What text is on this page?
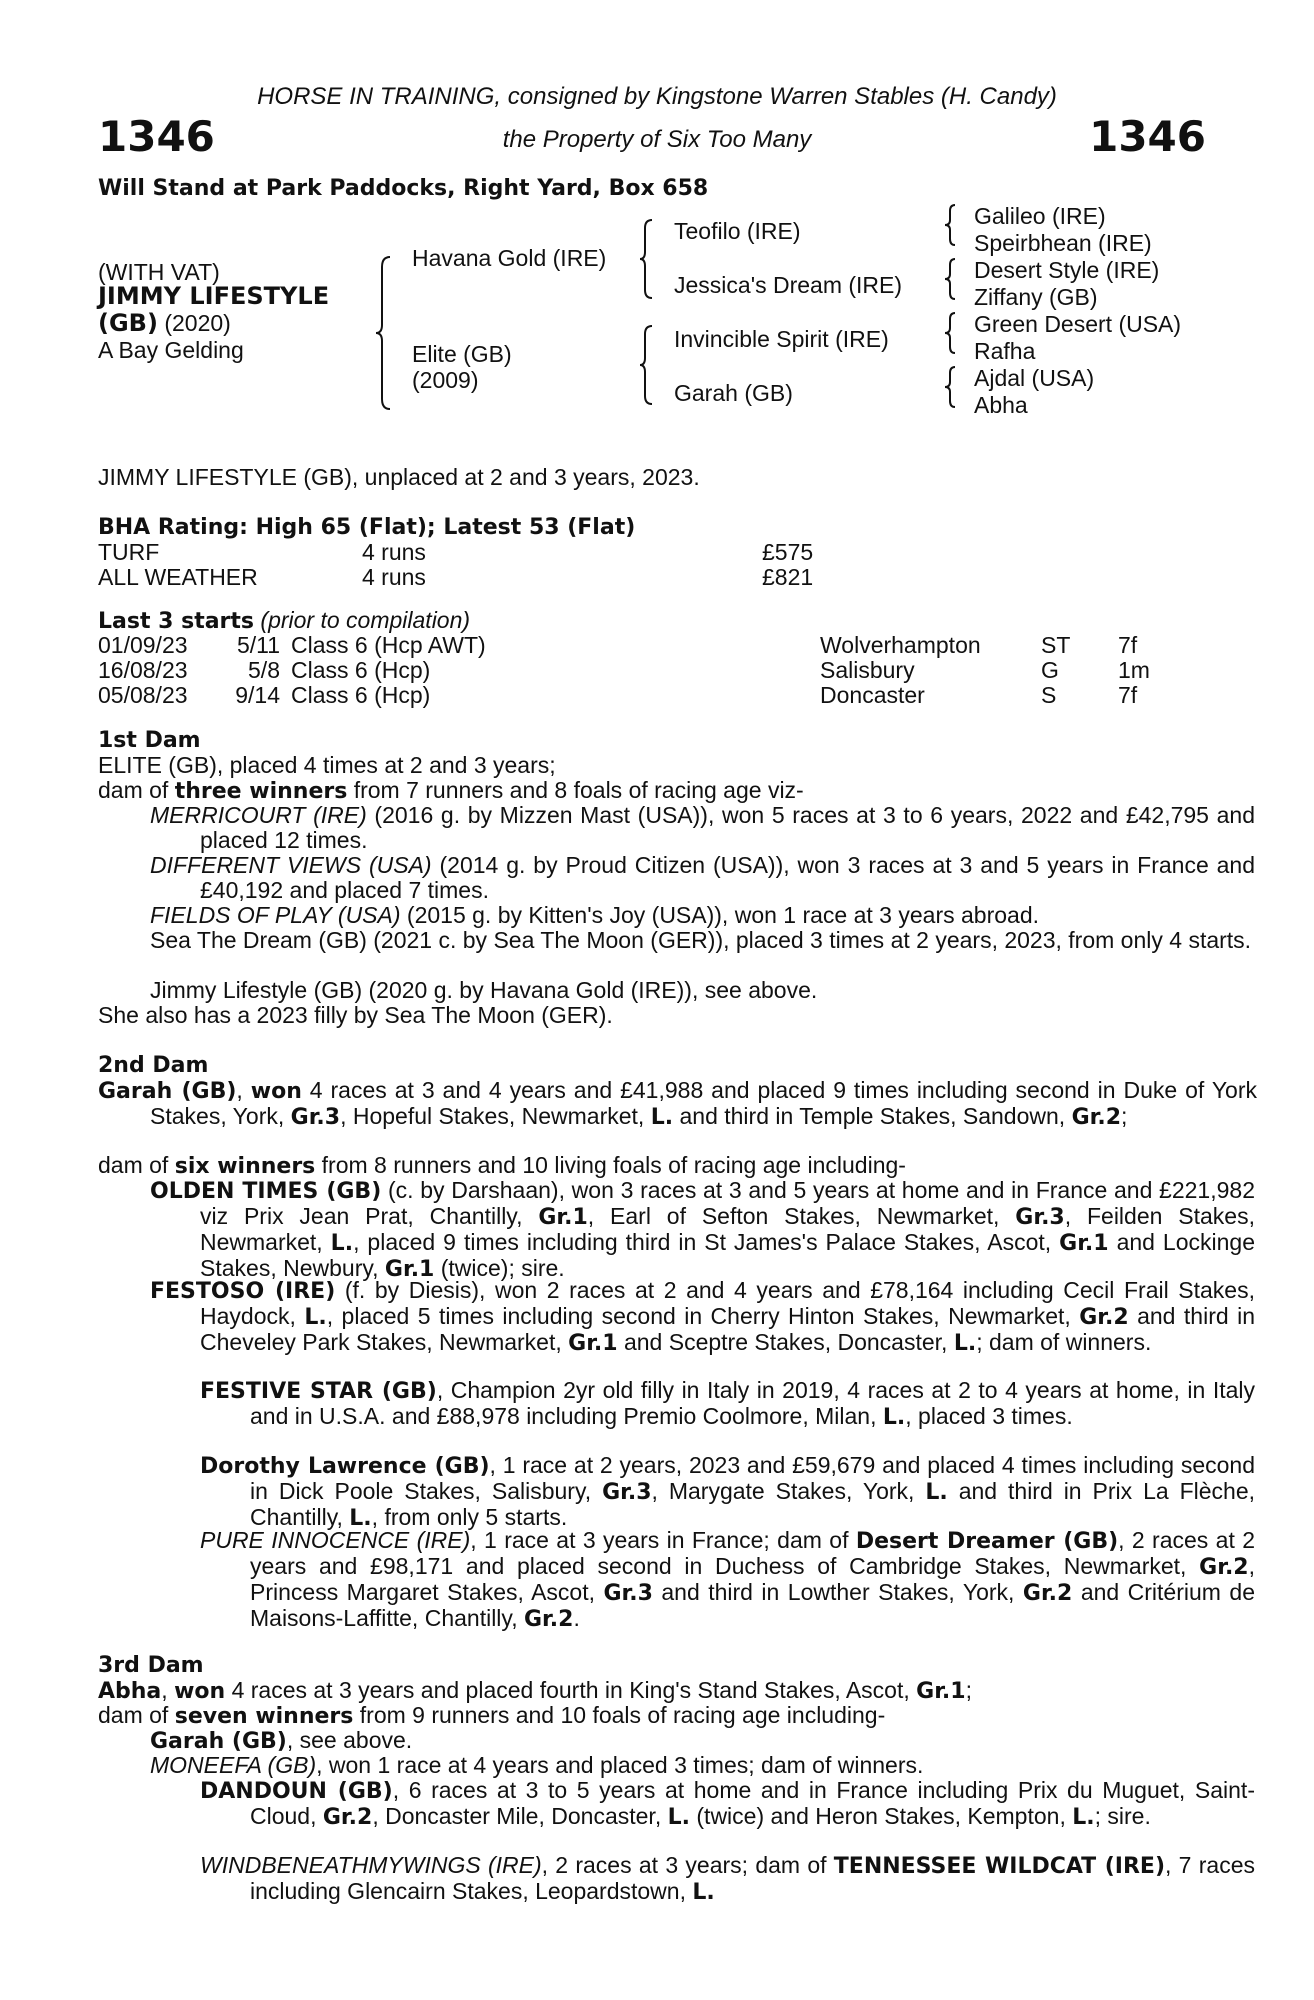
HORSE IN TRAINING, consigned by Kingstone Warren Stables (H. Candy)
1346	1346
the Property of Six Too Many
Will Stand at Park Paddocks, Right Yard, Box 658
(WITH VAT)
JIMMY LIFESTYLE
(GB) (2020)
A Bay Gelding
Havana Gold (IRE)
Elite (GB)
(2009)
Teofilo (IRE)
Jessica's Dream (IRE)
Invincible Spirit (IRE)
Garah (GB)
Galileo (IRE)
Speirbhean (IRE)
Desert Style (IRE)
Ziffany (GB)
Green Desert (USA)
Rafha
Ajdal (USA)
Abha
JIMMY LIFESTYLE (GB), unplaced at 2 and 3 years, 2023.
BHA Rating: High 65 (Flat); Latest 53 (Flat)
TURF	4 runs	£575
ALL WEATHER	4 runs	£821
Last 3 starts (prior to compilation)
01/09/23	5/11 Class 6 (Hcp AWT)	Wolverhampton	ST 7f
16/08/23	5/8 Class 6 (Hcp)	Salisbury	G	1m
05/08/23	9/14 Class 6 (Hcp)	Doncaster	S	7f
1st Dam
ELITE (GB), placed 4 times at 2 and 3 years;
dam of three winners from 7 runners and 8 foals of racing age viz-
MERRICOURT (IRE) (2016 g. by Mizzen Mast (USA)), won 5 races at 3 to 6 years, 2022 and £42,795 and placed 12 times.
DIFFERENT VIEWS (USA) (2014 g. by Proud Citizen (USA)), won 3 races at 3 and 5 years in France and £40,192 and placed 7 times.
FIELDS OF PLAY (USA) (2015 g. by Kitten's Joy (USA)), won 1 race at 3 years abroad.
Sea The Dream (GB) (2021 c. by Sea The Moon (GER)), placed 3 times at 2 years, 2023, from only 4 starts.
Jimmy Lifestyle (GB) (2020 g. by Havana Gold (IRE)), see above.
She also has a 2023 filly by Sea The Moon (GER).
2nd Dam
Garah (GB), won 4 races at 3 and 4 years and £41,988 and placed 9 times including second in Duke of York Stakes, York, Gr.3, Hopeful Stakes, Newmarket, L. and third in Temple Stakes, Sandown, Gr.2;
dam of six winners from 8 runners and 10 living foals of racing age including-
OLDEN TIMES (GB) (c. by Darshaan), won 3 races at 3 and 5 years at home and in France and £221,982 viz Prix Jean Prat, Chantilly, Gr.1, Earl of Sefton Stakes, Newmarket, Gr.3, Feilden Stakes, Newmarket, L., placed 9 times including third in St James's Palace Stakes, Ascot, Gr.1 and Lockinge Stakes, Newbury, Gr.1 (twice); sire.
FESTOSO (IRE) (f. by Diesis), won 2 races at 2 and 4 years and £78,164 including Cecil Frail Stakes, Haydock, L., placed 5 times including second in Cherry Hinton Stakes, Newmarket, Gr.2 and third in Cheveley Park Stakes, Newmarket, Gr.1 and Sceptre Stakes, Doncaster, L.; dam of winners.
FESTIVE STAR (GB), Champion 2yr old filly in Italy in 2019, 4 races at 2 to 4 years at home, in Italy and in U.S.A. and £88,978 including Premio Coolmore, Milan, L., placed 3 times.
Dorothy Lawrence (GB), 1 race at 2 years, 2023 and £59,679 and placed 4 times including second in Dick Poole Stakes, Salisbury, Gr.3, Marygate Stakes, York, L. and third in Prix La Flèche, Chantilly, L., from only 5 starts.
PURE INNOCENCE (IRE), 1 race at 3 years in France; dam of Desert Dreamer (GB), 2 races at 2 years and £98,171 and placed second in Duchess of Cambridge Stakes, Newmarket, Gr.2, Princess Margaret Stakes, Ascot, Gr.3 and third in Lowther Stakes, York, Gr.2 and Critérium de Maisons-Laffitte, Chantilly, Gr.2.
3rd Dam
Abha, won 4 races at 3 years and placed fourth in King's Stand Stakes, Ascot, Gr.1;
dam of seven winners from 9 runners and 10 foals of racing age including-
Garah (GB), see above.
MONEEFA (GB), won 1 race at 4 years and placed 3 times; dam of winners.
DANDOUN (GB), 6 races at 3 to 5 years at home and in France including Prix du Muguet, Saint-Cloud, Gr.2, Doncaster Mile, Doncaster, L. (twice) and Heron Stakes, Kempton, L.; sire.
WINDBENEATHMYWINGS (IRE), 2 races at 3 years; dam of TENNESSEE WILDCAT (IRE), 7 races including Glencairn Stakes, Leopardstown, L.
